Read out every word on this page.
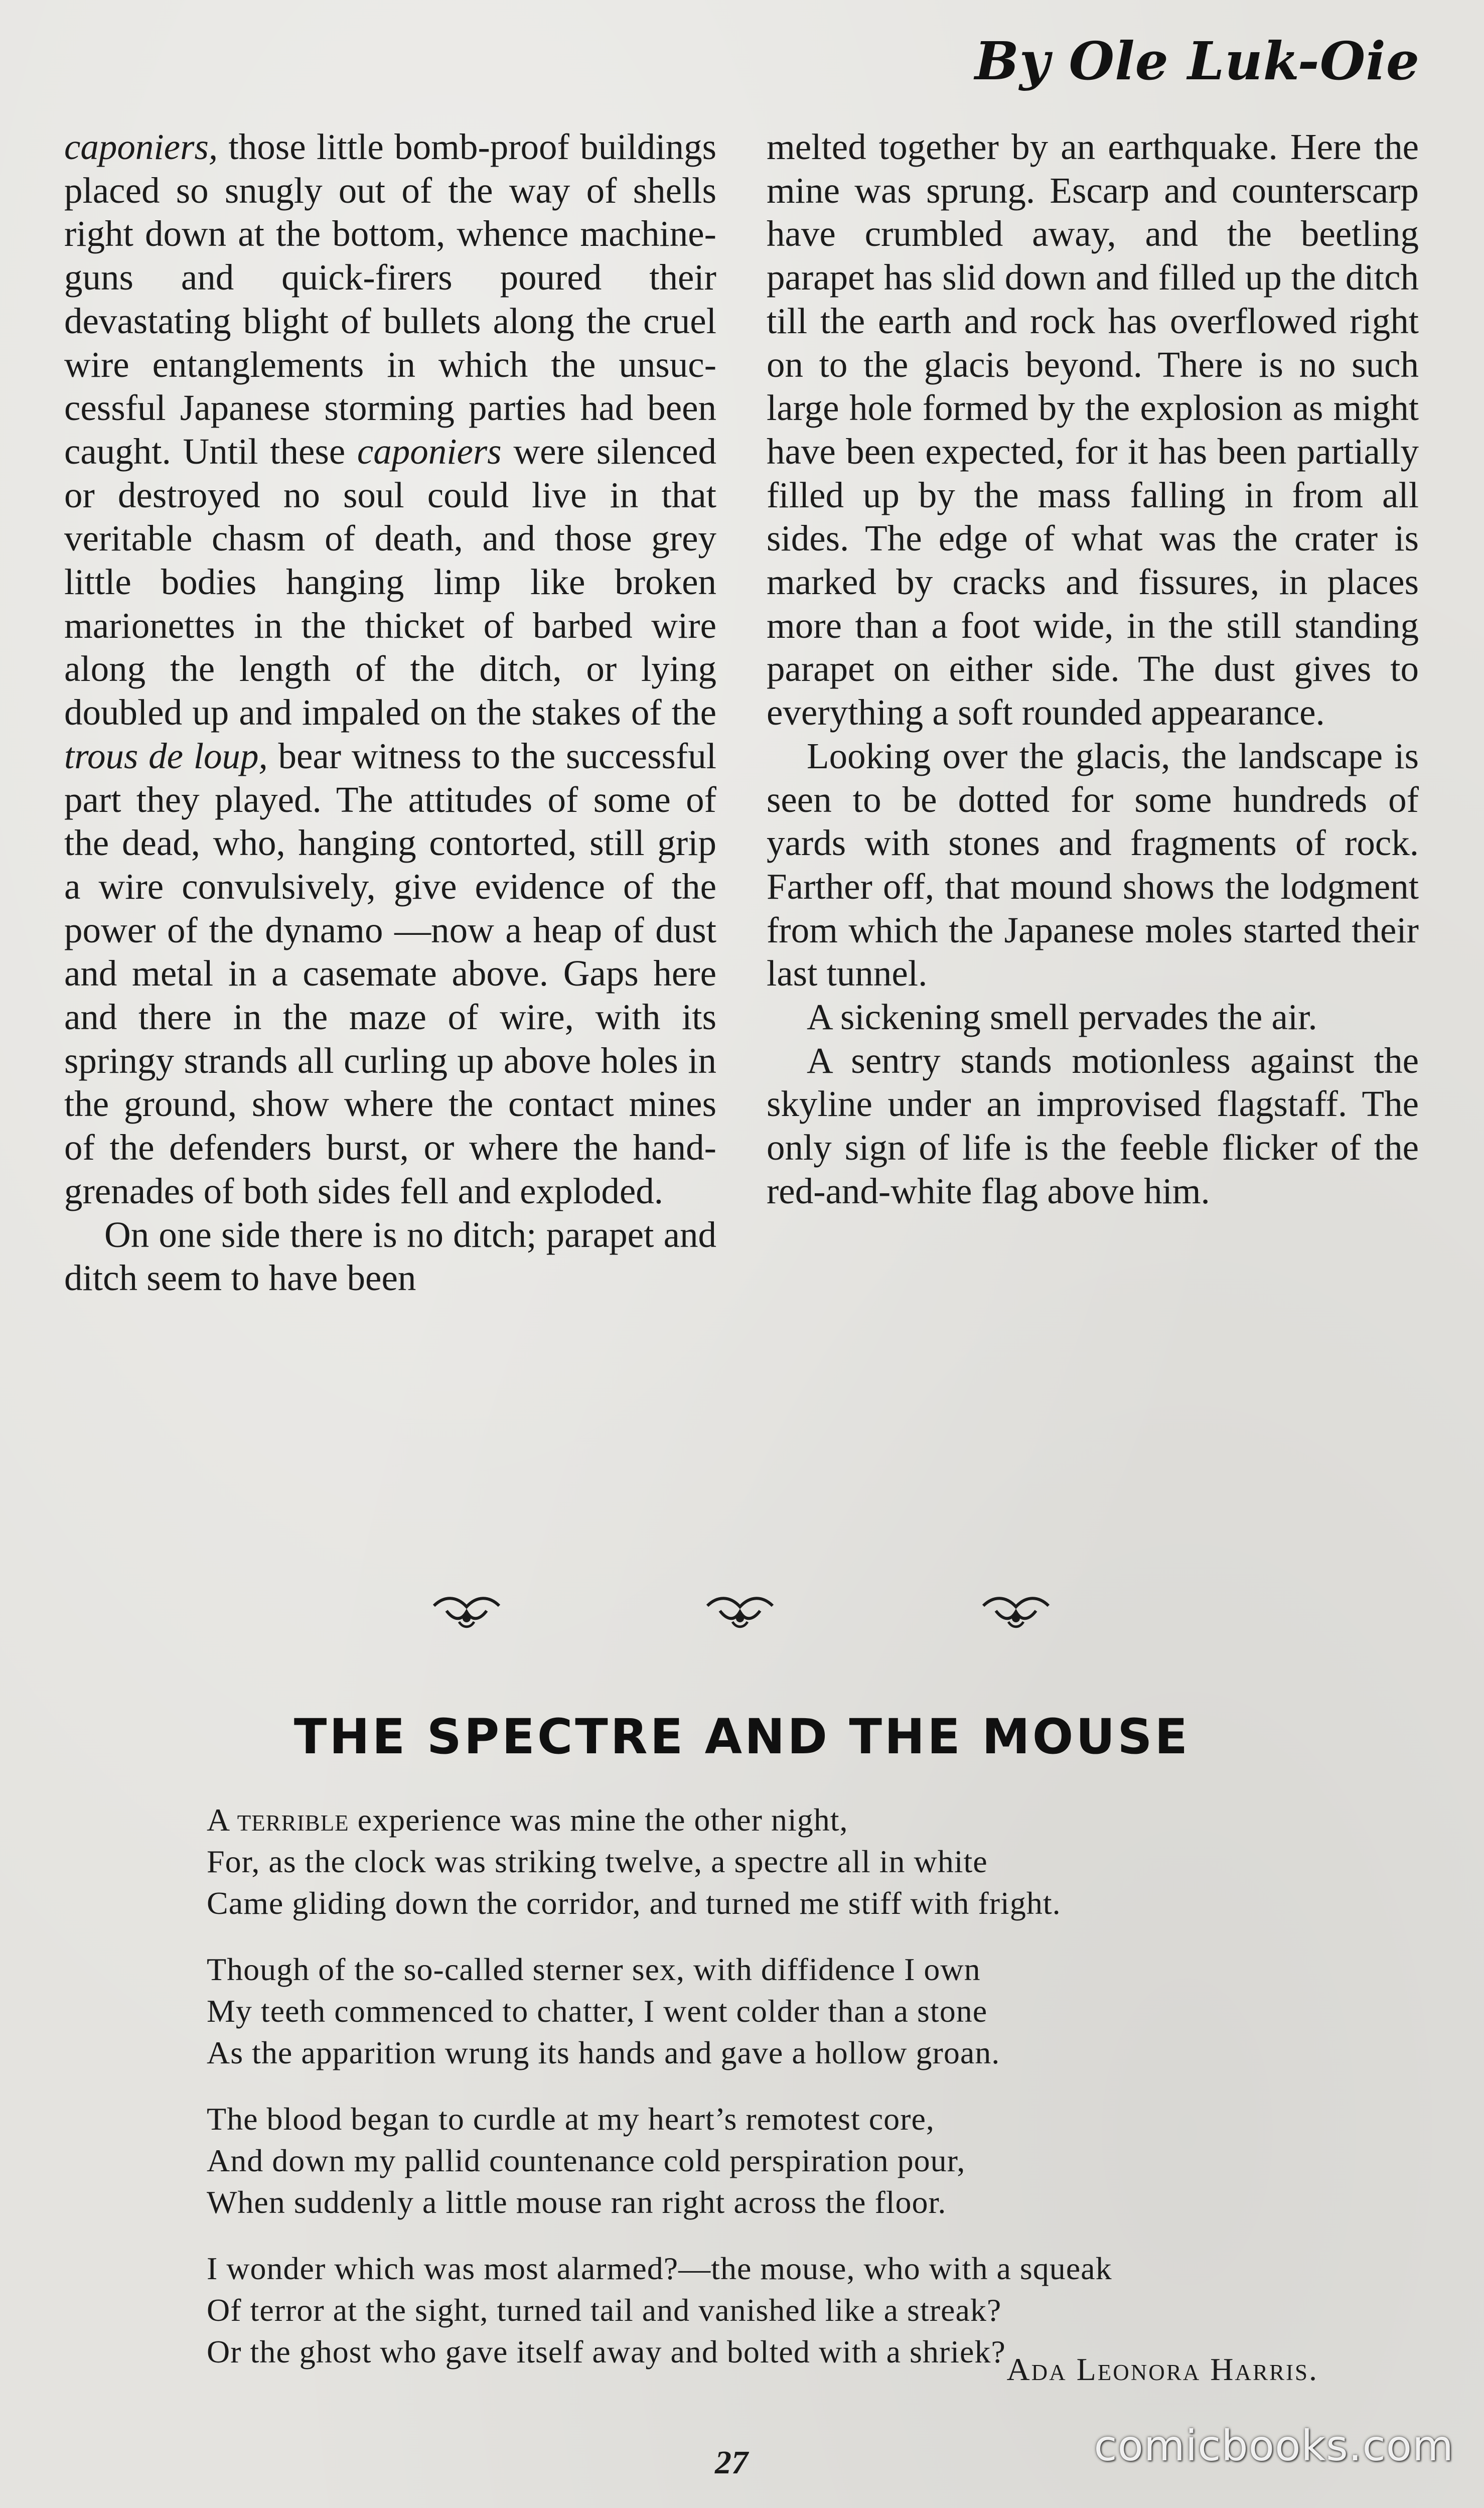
By Ole Luk-Oie

caponiers, those little bomb-proof buildings placed so snugly out of the way of shells right down at the bottom, whence machine-guns and quick-firers poured their devastating blight of bullets along the cruel wire entanglements in which the unsuccessful Japanese storming parties had been caught. Until these caponiers were silenced or destroyed no soul could live in that veritable chasm of death, and those grey little bodies hanging limp like broken marionettes in the thicket of barbed wire along the length of the ditch, or lying doubled up and impaled on the stakes of the trous de loup, bear witness to the successful part they played. The attitudes of some of the dead, who, hanging contorted, still grip a wire convulsively, give evidence of the power of the dynamo —now a heap of dust and metal in a casemate above. Gaps here and there in the maze of wire, with its springy strands all curling up above holes in the ground, show where the contact mines of the defenders burst, or where the hand-grenades of both sides fell and exploded.

On one side there is no ditch; parapet and ditch seem to have been

melted together by an earthquake. Here the mine was sprung. Escarp and counterscarp have crumbled away, and the beetling parapet has slid down and filled up the ditch till the earth and rock has overflowed right on to the glacis beyond. There is no such large hole formed by the explosion as might have been expected, for it has been partially filled up by the mass falling in from all sides. The edge of what was the crater is marked by cracks and fissures, in places more than a foot wide, in the still standing parapet on either side. The dust gives to everything a soft rounded appearance.

Looking over the glacis, the landscape is seen to be dotted for some hundreds of yards with stones and fragments of rock. Farther off, that mound shows the lodgment from which the Japanese moles started their last tunnel.

A sickening smell pervades the air.

A sentry stands motionless against the skyline under an improvised flagstaff. The only sign of life is the feeble flicker of the red-and-white flag above him.

THE SPECTRE AND THE MOUSE
A terrible experience was mine the other night,
For, as the clock was striking twelve, a spectre all in white
Came gliding down the corridor, and turned me stiff with fright.
Though of the so-called sterner sex, with diffidence I own
My teeth commenced to chatter, I went colder than a stone
As the apparition wrung its hands and gave a hollow groan.
The blood began to curdle at my heart’s remotest core,
And down my pallid countenance cold perspiration pour,
When suddenly a little mouse ran right across the floor.
I wonder which was most alarmed?—the mouse, who with a squeak
Of terror at the sight, turned tail and vanished like a streak?
Or the ghost who gave itself away and bolted with a shriek? Ada Leonora Harris.
27	comicbooks.com
